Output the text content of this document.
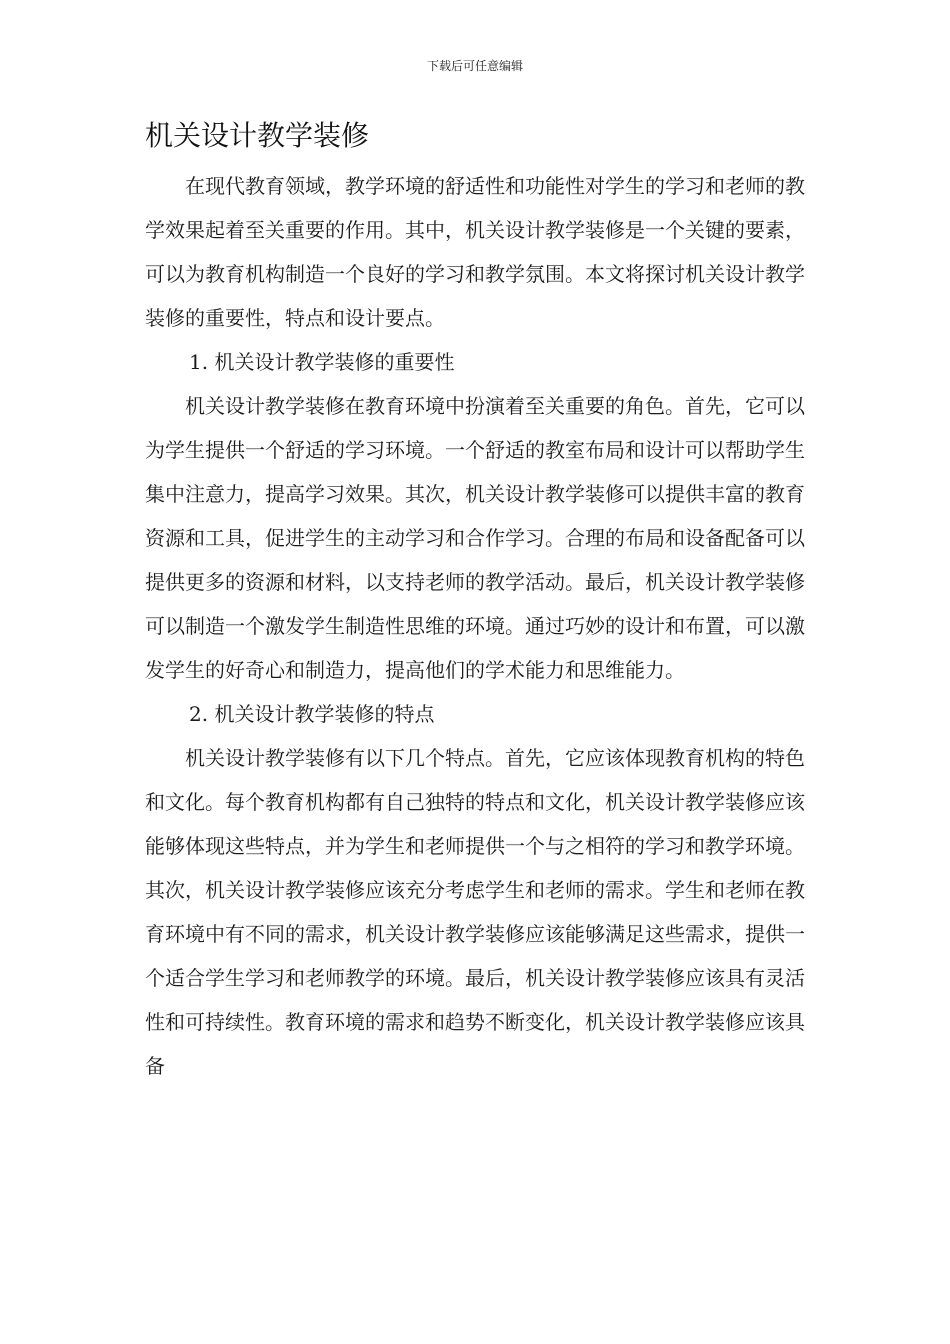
下载后可任意编辑
机关设计教学装修

在现代教育领域，教学环境的舒适性和功能性对学生的学习和老师的教学效果起着至关重要的作用。其中，机关设计教学装修是一个关键的要素，可以为教育机构制造一个良好的学习和教学氛围。本文将探讨机关设计教学装修的重要性，特点和设计要点。

1. 机关设计教学装修的重要性

机关设计教学装修在教育环境中扮演着至关重要的角色。首先，它可以为学生提供一个舒适的学习环境。一个舒适的教室布局和设计可以帮助学生集中注意力，提高学习效果。其次，机关设计教学装修可以提供丰富的教育资源和工具，促进学生的主动学习和合作学习。合理的布局和设备配备可以提供更多的资源和材料，以支持老师的教学活动。最后，机关设计教学装修可以制造一个激发学生制造性思维的环境。通过巧妙的设计和布置，可以激发学生的好奇心和制造力，提高他们的学术能力和思维能力。

2. 机关设计教学装修的特点

机关设计教学装修有以下几个特点。首先，它应该体现教育机构的特色和文化。每个教育机构都有自己独特的特点和文化，机关设计教学装修应该能够体现这些特点，并为学生和老师提供一个与之相符的学习和教学环境。其次，机关设计教学装修应该充分考虑学生和老师的需求。学生和老师在教育环境中有不同的需求，机关设计教学装修应该能够满足这些需求，提供一个适合学生学习和老师教学的环境。最后，机关设计教学装修应该具有灵活性和可持续性。教育环境的需求和趋势不断变化，机关设计教学装修应该具备
